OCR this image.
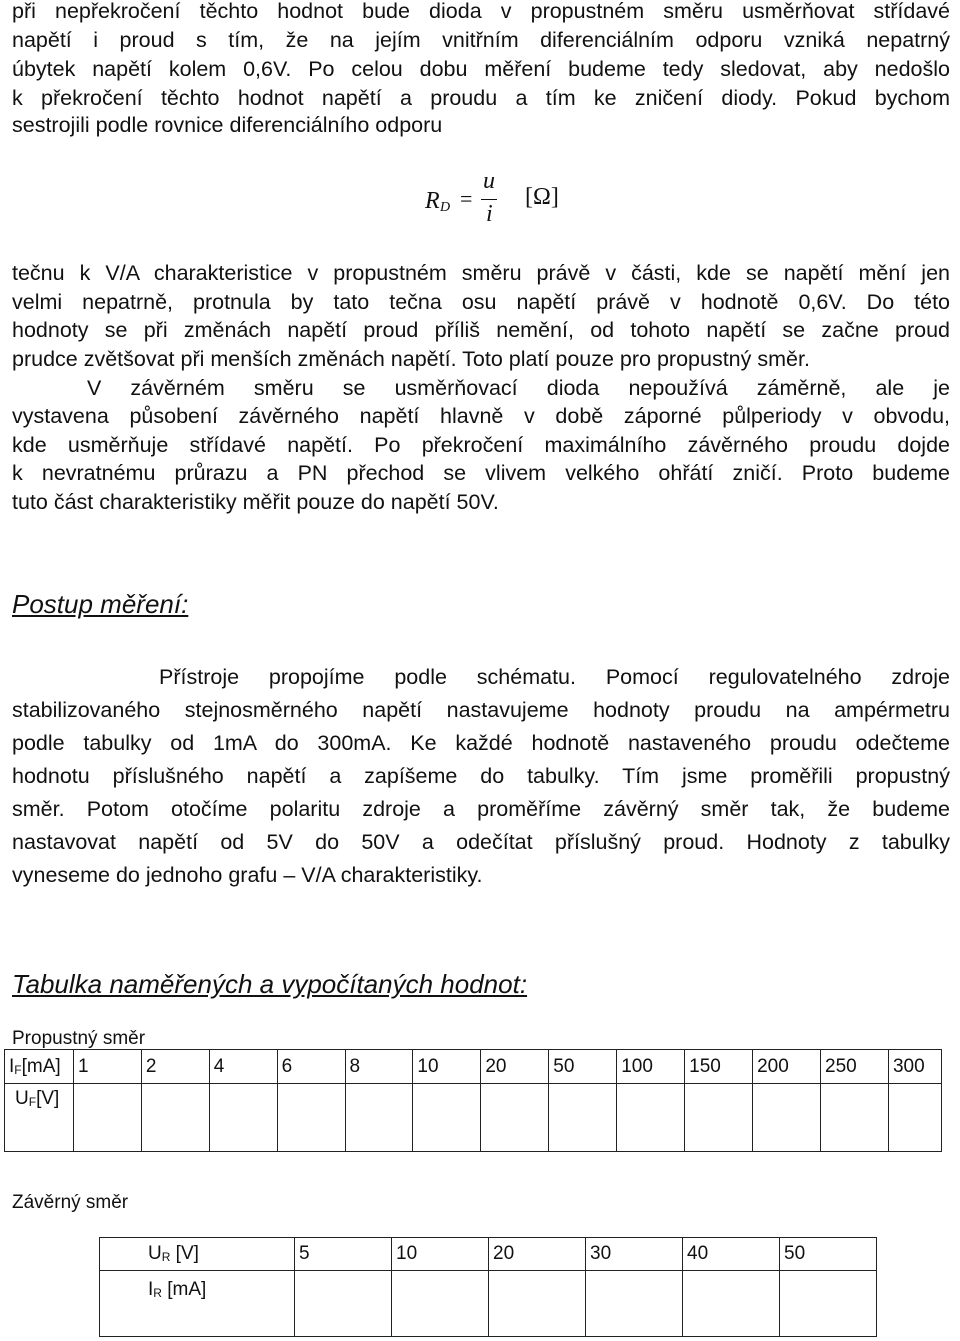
při nepřekročení těchto hodnot bude dioda v propustném směru usměrňovat střídavé
napětí i proud s tím, že na jejím vnitřním diferenciálním odporu vzniká nepatrný
úbytek napětí kolem 0,6V. Po celou dobu měření budeme tedy sledovat, aby nedošlo
k překročení těchto hodnot napětí a proudu a tím ke zničení diody. Pokud bychom
sestrojili podle rovnice diferenciálního odporu
R D =
u
i
[Ω]
tečnu k V/A charakteristice v propustném směru právě v části, kde se napětí mění jen
velmi nepatrně, protnula by tato tečna osu napětí právě v hodnotě 0,6V. Do této
hodnoty se při změnách napětí proud příliš nemění, od tohoto napětí se začne proud
prudce zvětšovat při menších změnách napětí. Toto platí pouze pro propustný směr.
V závěrném směru se usměrňovací dioda nepoužívá záměrně, ale je
vystavena působení závěrného napětí hlavně v době záporné půlperiody v obvodu,
kde usměrňuje střídavé napětí. Po překročení maximálního závěrného proudu dojde
k nevratnému průrazu a PN přechod se vlivem velkého ohřátí zničí. Proto budeme
tuto část charakteristiky měřit pouze do napětí 50V.
Postup měření:
Přístroje propojíme podle schématu. Pomocí regulovatelného zdroje
stabilizovaného stejnosměrného napětí nastavujeme hodnoty proudu na ampérmetru
podle tabulky od 1mA do 300mA. Ke každé hodnotě nastaveného proudu odečteme
hodnotu příslušného napětí a zapíšeme do tabulky. Tím jsme proměřili propustný
směr. Potom otočíme polaritu zdroje a proměříme závěrný směr tak, že budeme
nastavovat napětí od 5V do 50V a odečítat příslušný proud. Hodnoty z tabulky
vyneseme do jednoho grafu – V/A charakteristiky.
Tabulka naměřených a vypočítaných hodnot:
Propustný směr
$I_F[mA]$	1	2	4	6	8	10	20	50	100	150	200	250	300
$U_F[V]$													
Závěrný směr
$U_R$ [V]	5	10	20	30	40	50
$I_R$ [mA]						
